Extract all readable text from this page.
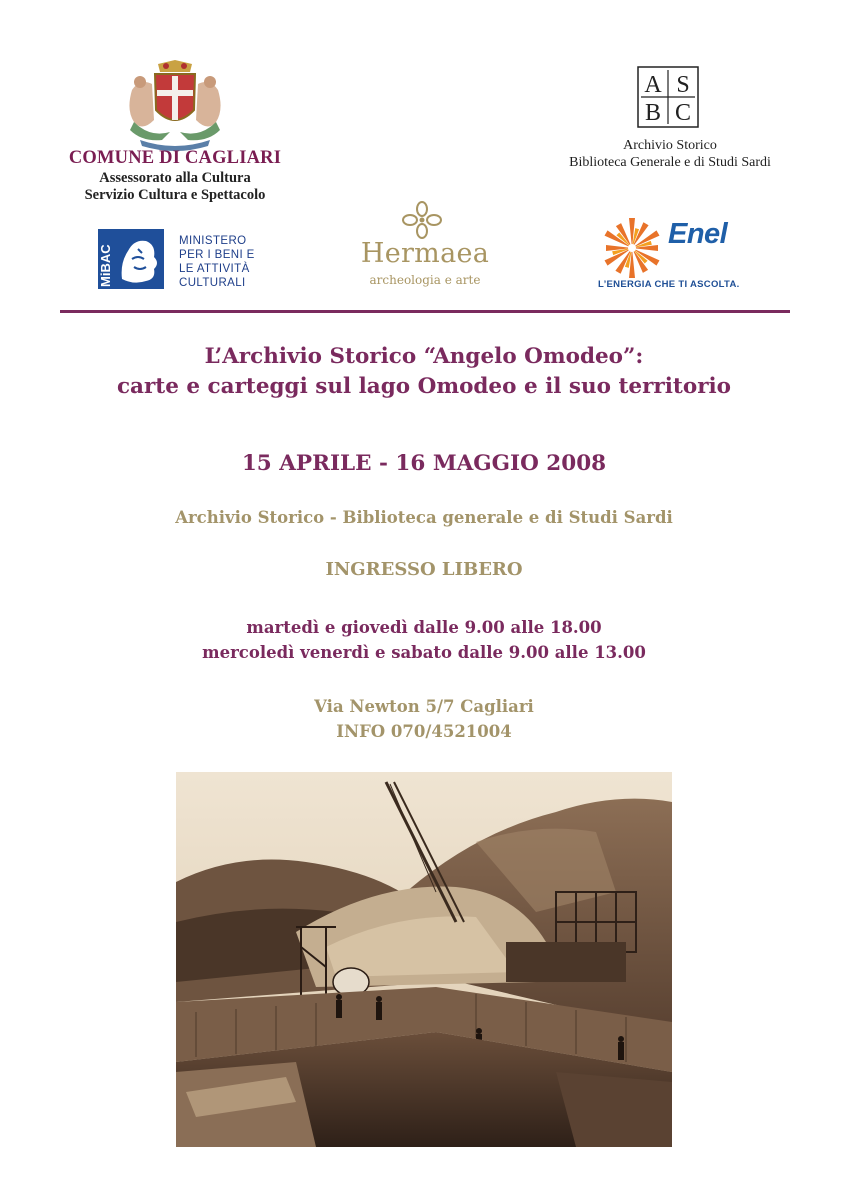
COMUNE DI CAGLIARI
Assessorato alla Cultura
Servizio Cultura e Spettacolo
A S
B C
Archivio Storico
Biblioteca Generale e di Studi Sardi
MiBAC
MINISTERO
PER I BENI E
LE ATTIVITÀ
CULTURALI
Hermaea
archeologia e arte
Enel
L’ENERGIA CHE TI ASCOLTA.
L’Archivio Storico “Angelo Omodeo”:
carte e carteggi sul lago Omodeo e il suo territorio
15 APRILE - 16 MAGGIO 2008
Archivio Storico - Biblioteca generale e di Studi Sardi
INGRESSO LIBERO
martedì e giovedì dalle 9.00 alle 18.00
mercoledì venerdì e sabato dalle 9.00 alle 13.00
Via Newton 5/7 Cagliari
INFO 070/4521004
